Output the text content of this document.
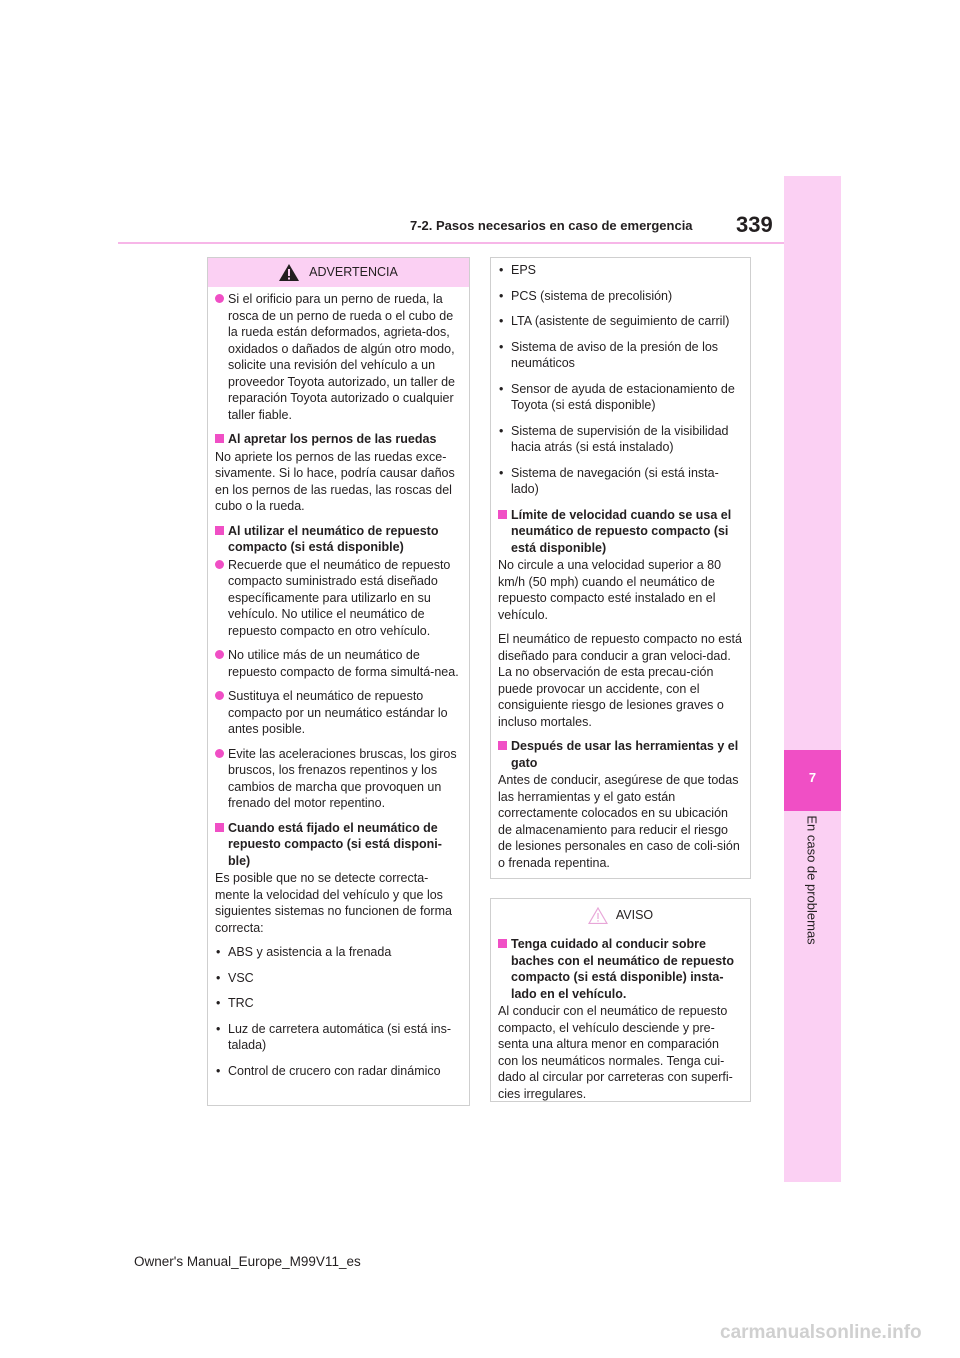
7-2. Pasos necesarios en caso de emergencia 339
7
En caso de problemas
ADVERTENCIA
Si el orificio para un perno de rueda, la rosca de un perno de rueda o el cubo de la rueda están deformados, agrieta-dos, oxidados o dañados de algún otro modo, solicite una revisión del vehículo a un proveedor Toyota autorizado, un taller de reparación Toyota autorizado o cualquier taller fiable.
Al apretar los pernos de las ruedas
No apriete los pernos de las ruedas exce-sivamente. Si lo hace, podría causar daños en los pernos de las ruedas, las roscas del cubo o la rueda.
Al utilizar el neumático de repuesto compacto (si está disponible)
Recuerde que el neumático de repuesto compacto suministrado está diseñado específicamente para utilizarlo en su vehículo. No utilice el neumático de repuesto compacto en otro vehículo.
No utilice más de un neumático de repuesto compacto de forma simultá-nea.
Sustituya el neumático de repuesto compacto por un neumático estándar lo antes posible.
Evite las aceleraciones bruscas, los giros bruscos, los frenazos repentinos y los cambios de marcha que provoquen un frenado del motor repentino.
Cuando está fijado el neumático de repuesto compacto (si está disponi-ble)
Es posible que no se detecte correcta-mente la velocidad del vehículo y que los siguientes sistemas no funcionen de forma correcta:
• ABS y asistencia a la frenada
• VSC
• TRC
• Luz de carretera automática (si está ins-talada)
• Control de crucero con radar dinámico
• EPS
• PCS (sistema de precolisión)
• LTA (asistente de seguimiento de carril)
• Sistema de aviso de la presión de los neumáticos
• Sensor de ayuda de estacionamiento de Toyota (si está disponible)
• Sistema de supervisión de la visibilidad hacia atrás (si está instalado)
• Sistema de navegación (si está insta-lado)
Límite de velocidad cuando se usa el neumático de repuesto compacto (si está disponible)
No circule a una velocidad superior a 80 km/h (50 mph) cuando el neumático de repuesto compacto esté instalado en el vehículo.
El neumático de repuesto compacto no está diseñado para conducir a gran veloci-dad. La no observación de esta precau-ción puede provocar un accidente, con el consiguiente riesgo de lesiones graves o incluso mortales.
Después de usar las herramientas y el gato
Antes de conducir, asegúrese de que todas las herramientas y el gato están correctamente colocados en su ubicación de almacenamiento para reducir el riesgo de lesiones personales en caso de coli-sión o frenada repentina.
AVISO
Tenga cuidado al conducir sobre baches con el neumático de repuesto compacto (si está disponible) insta-lado en el vehículo.
Al conducir con el neumático de repuesto compacto, el vehículo desciende y pre-senta una altura menor en comparación con los neumáticos normales. Tenga cui-dado al circular por carreteras con superfi-cies irregulares.
Owner's Manual_Europe_M99V11_es
carmanualsonline.info
